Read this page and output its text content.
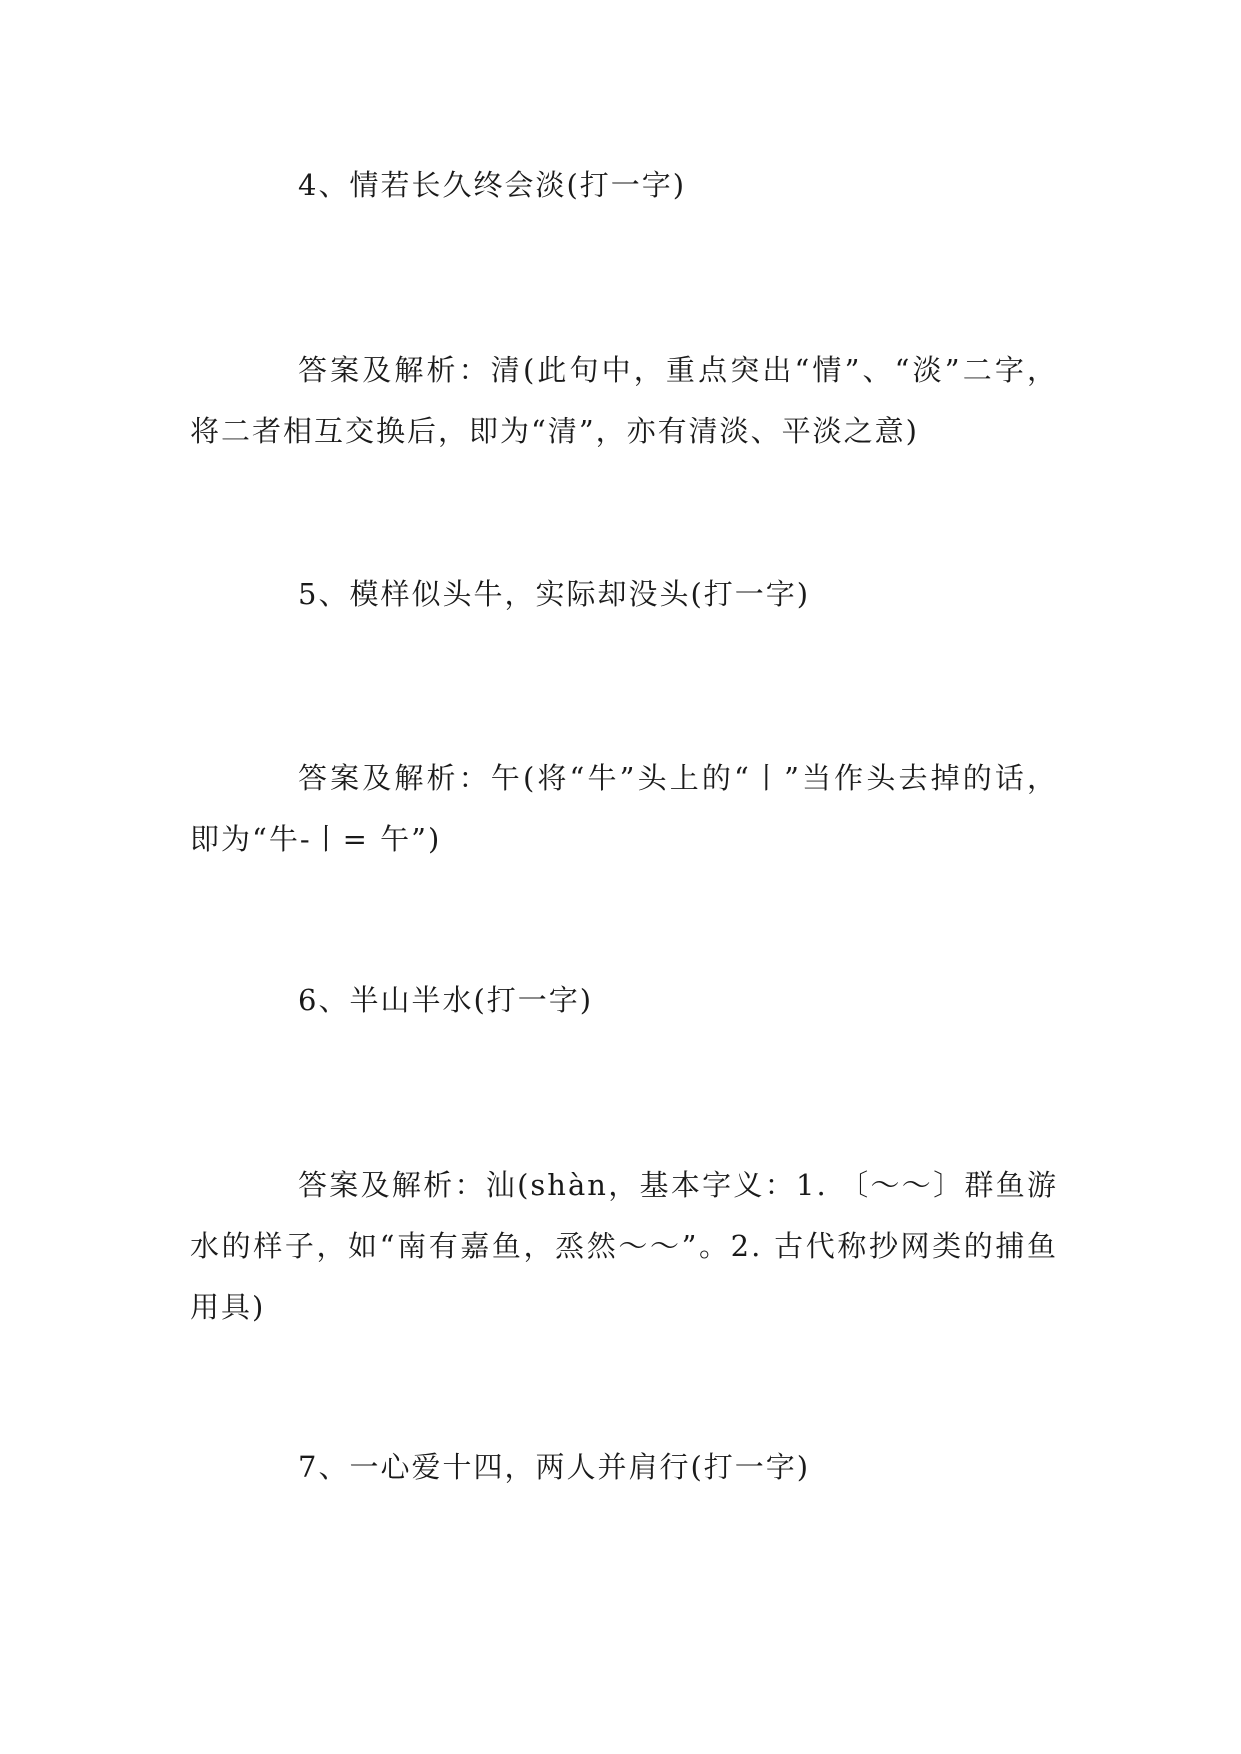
4、情若长久终会淡(打一字)

答案及解析：清(此句中，重点突出“情”、“淡”二字，将二者相互交换后，即为“清”，亦有清淡、平淡之意)

5、模样似头牛，实际却没头(打一字)

答案及解析：午(将“牛”头上的“丨”当作头去掉的话，即为“牛-丨= 午”)

6、半山半水(打一字)

答案及解析：汕(shàn，基本字义：1. 〔～～〕群鱼游水的样子，如“南有嘉鱼，烝然～～”。2. 古代称抄网类的捕鱼用具)

7、一心爱十四，两人并肩行(打一字)
